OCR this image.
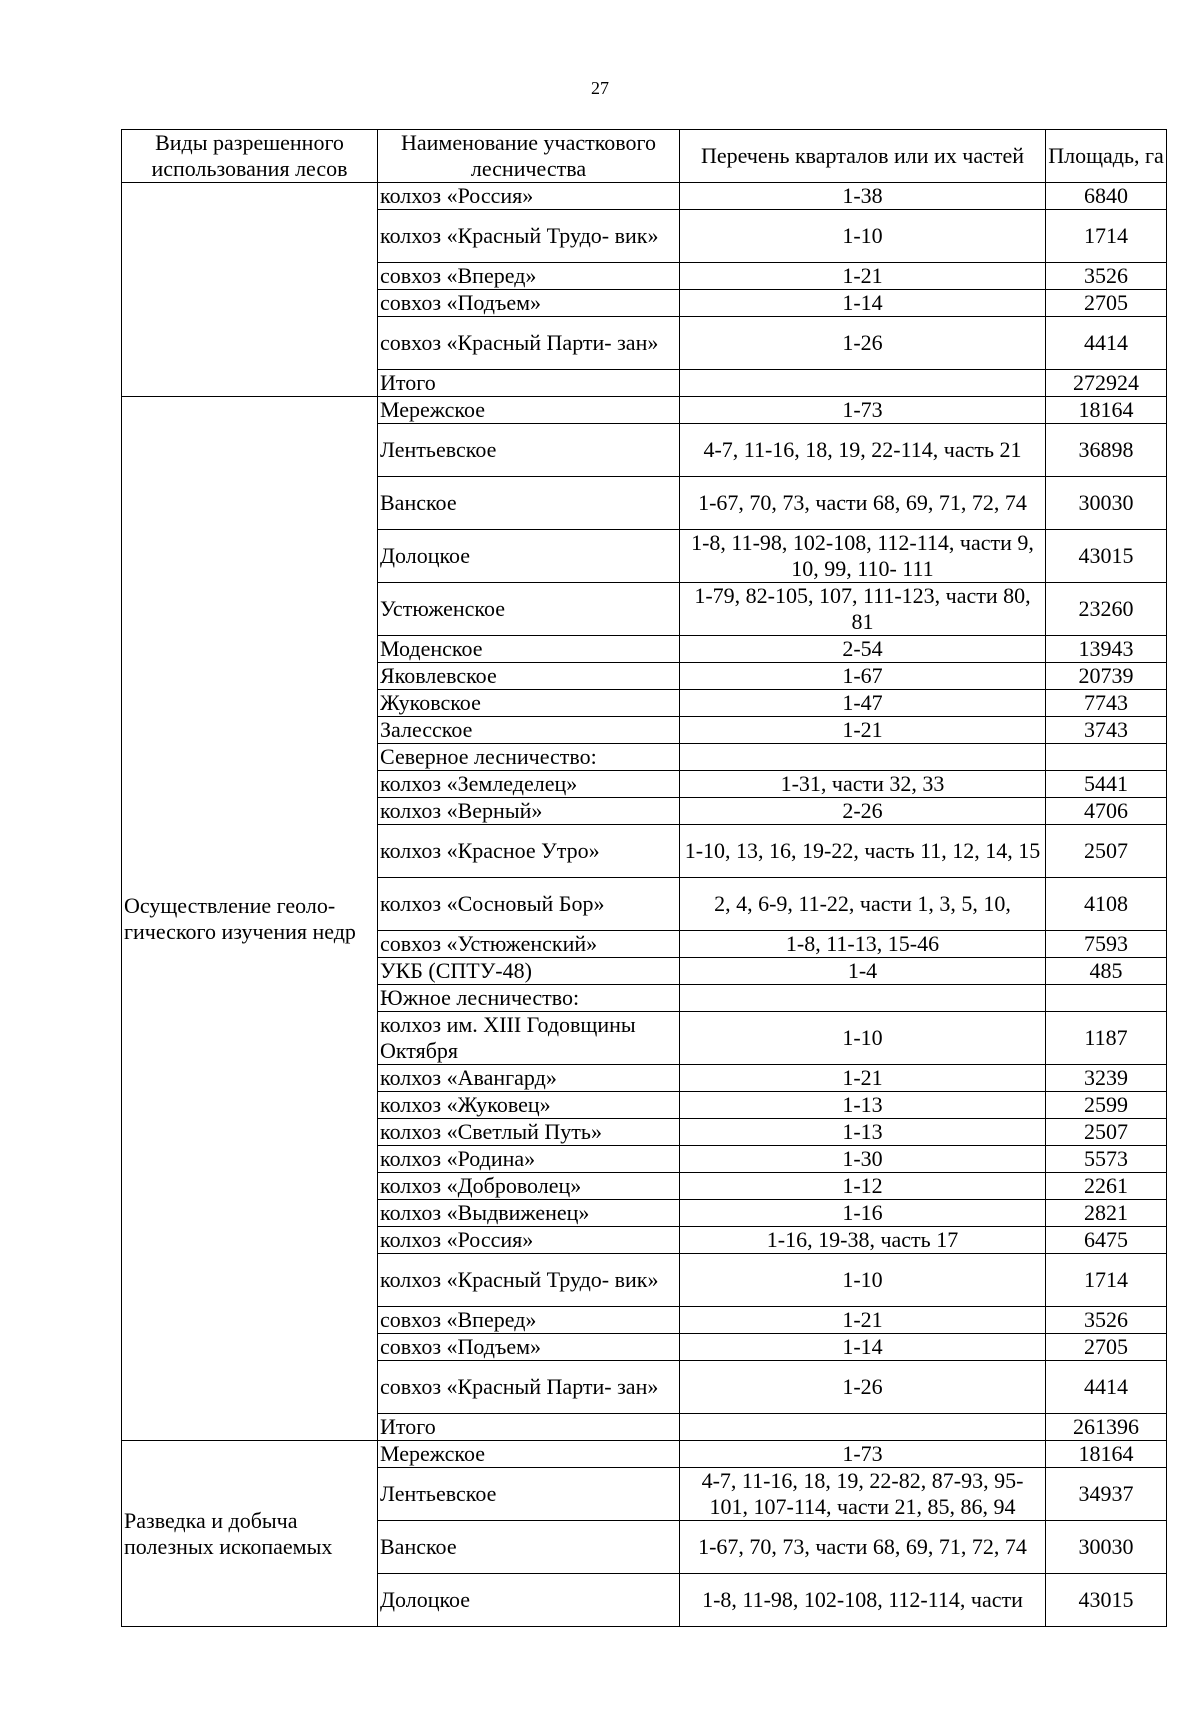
27
Виды разрешенного использования лесов	Наименование участкового лесничества	Перечень кварталов или их частей	Площадь, га
	колхоз «Россия»	1-38	6840
	колхоз «Красный Трудо- вик»	1-10	1714
	совхоз «Вперед»	1-21	3526
	совхоз «Подъем»	1-14	2705
	совхоз «Красный Парти- зан»	1-26	4414
	Итого		272924
Осуществление геоло- гического изучения недр	Мережское	1-73	18164
	Лентьевское	4-7, 11-16, 18, 19, 22-114, часть 21	36898
	Ванское	1-67, 70, 73, части 68, 69, 71, 72, 74	30030
	Долоцкое	1-8, 11-98, 102-108, 112-114, части 9, 10, 99, 110- 111	43015
	Устюженское	1-79, 82-105, 107, 111-123, части 80, 81	23260
	Моденское	2-54	13943
	Яковлевское	1-67	20739
	Жуковское	1-47	7743
	Залесское	1-21	3743
	Северное лесничество:		
	колхоз «Земледелец»	1-31, части 32, 33	5441
	колхоз «Верный»	2-26	4706
	колхоз «Красное Утро»	1-10, 13, 16, 19-22, часть 11, 12, 14, 15	2507
	колхоз «Сосновый Бор»	2, 4, 6-9, 11-22, части 1, 3, 5, 10,	4108
	совхоз «Устюженский»	1-8, 11-13, 15-46	7593
	УКБ (СПТУ-48)	1-4	485
	Южное лесничество:		
	колхоз им. XIII Годовщины Октября	1-10	1187
	колхоз «Авангард»	1-21	3239
	колхоз «Жуковец»	1-13	2599
	колхоз «Светлый Путь»	1-13	2507
	колхоз «Родина»	1-30	5573
	колхоз «Доброволец»	1-12	2261
	колхоз «Выдвиженец»	1-16	2821
	колхоз «Россия»	1-16, 19-38, часть 17	6475
	колхоз «Красный Трудо- вик»	1-10	1714
	совхоз «Вперед»	1-21	3526
	совхоз «Подъем»	1-14	2705
	совхоз «Красный Парти- зан»	1-26	4414
	Итого		261396
Разведка и добыча полезных ископаемых	Мережское	1-73	18164
	Лентьевское	4-7, 11-16, 18, 19, 22-82, 87-93, 95- 101, 107-114, части 21, 85, 86, 94	34937
	Ванское	1-67, 70, 73, части 68, 69, 71, 72, 74	30030
	Долоцкое	1-8, 11-98, 102-108, 112-114, части	43015
